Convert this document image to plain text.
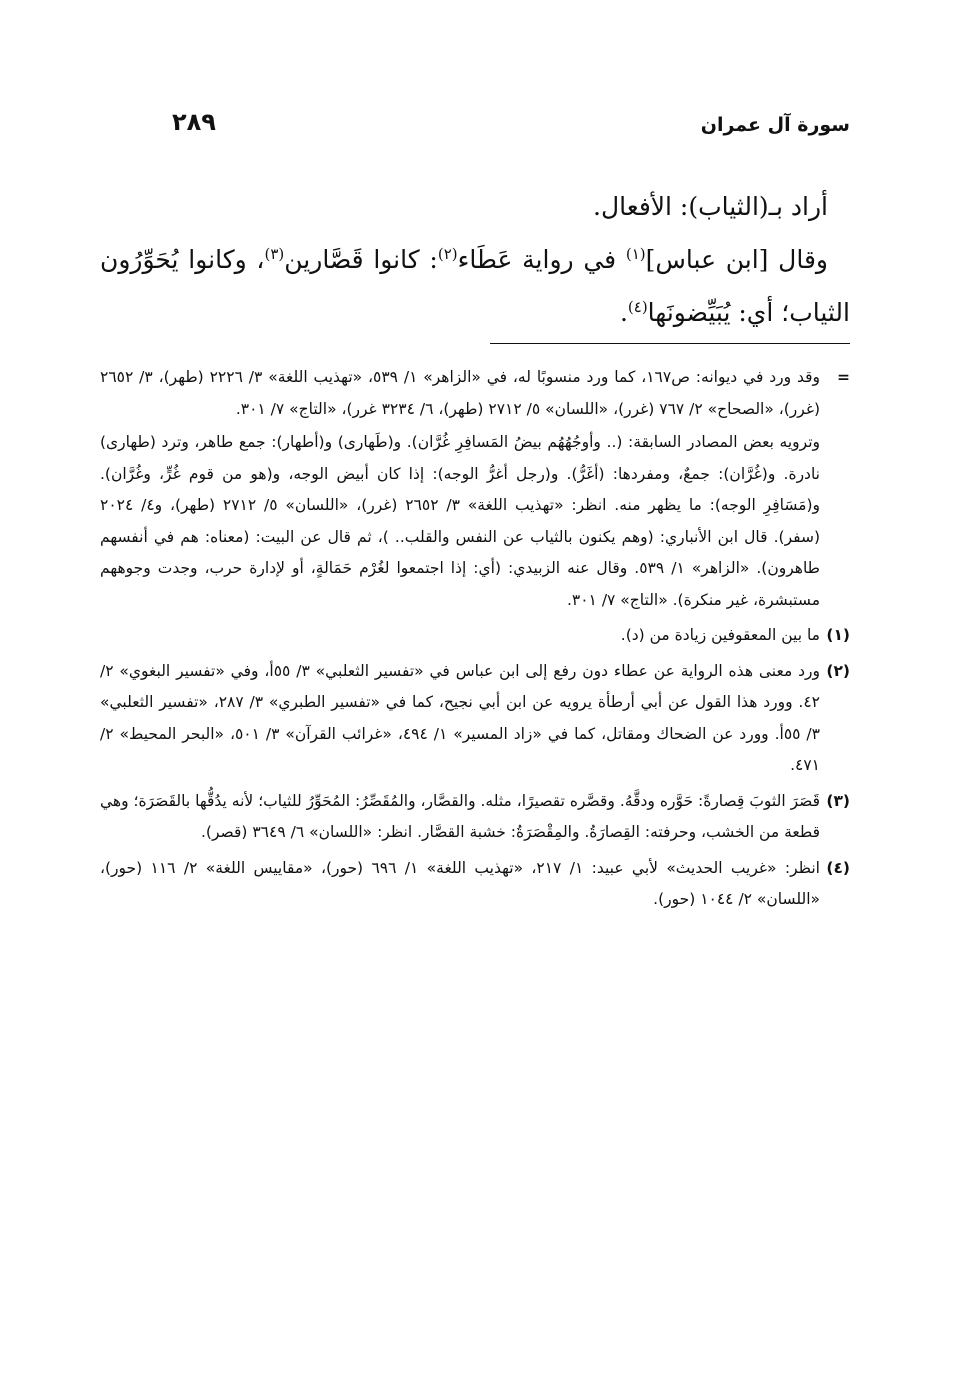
سورة آل عمران
٢٨٩

أراد بـ(الثياب): الأفعال.

وقال [ابن عباس]$^{(١)}$ في رواية عَطَاء$^{(٢)}$: كانوا قَصَّارين$^{(٣)}$، وكانوا يُحَوِّرُون الثياب؛ أي: يُبَيِّضونَها$^{(٤)}$.

=

وقد ورد في ديوانه: ص١٦٧، كما ورد منسوبًا له، في «الزاهر» ١/ ٥٣٩، «تهذيب اللغة» ٣/ ٢٢٢٦ (طهر)، ٣/ ٢٦٥٢ (غرر)، «الصحاح» ٢/ ٧٦٧ (غرر)، «اللسان» ٥/ ٢٧١٢ (طهر)، ٦/ ٣٢٣٤ غرر)، «التاج» ٧/ ٣٠١.

وترويه بعض المصادر السابقة: (.. وأوجُهُهُم بيضُ المَسافِرِ غُرَّان). و(طَهارى) و(أطهار): جمع طاهر، وترد (طهارى) نادرة. و(غُرَّان): جمعٌ، ومفردها: (أغَرُّ). و(رجل أغرُّ الوجه): إذا كان أبيض الوجه، و(هو من قوم غُرٍّ، وغُرَّان). و(مَسَافِرِ الوجه): ما يظهر منه. انظر: «تهذيب اللغة» ٣/ ٢٦٥٢ (غرر)، «اللسان» ٥/ ٢٧١٢ (طهر)، و٤/ ٢٠٢٤ (سفر). قال ابن الأنباري: (وهم يكنون بالثياب عن النفس والقلب.. )، ثم قال عن البيت: (معناه: هم في أنفسهم طاهرون). «الزاهر» ١/ ٥٣٩. وقال عنه الزبيدي: (أي: إذا اجتمعوا لغُرْم حَمَالةٍ، أو لإدارة حرب، وجدت وجوههم مستبشرة، غير منكرة). «التاج» ٧/ ٣٠١.

(١)

ما بين المعقوفين زيادة من (د).

(٢)

ورد معنى هذه الرواية عن عطاء دون رفع إلى ابن عباس في «تفسير الثعلبي» ٣/ ٥٥أ، وفي «تفسير البغوي» ٢/ ٤٢. وورد هذا القول عن أبي أرطأة يرويه عن ابن أبي نجيح، كما في «تفسير الطبري» ٣/ ٢٨٧، «تفسير الثعلبي» ٣/ ٥٥أ. وورد عن الضحاك ومقاتل، كما في «زاد المسير» ١/ ٤٩٤، «غرائب القرآن» ٣/ ٥٠١، «البحر المحيط» ٢/ ٤٧١.

(٣)

قَصَرَ الثوبَ قِصارةً: حَوَّره ودقَّهُ. وقصَّره تقصيرًا، مثله. والقصَّار، والمُقَصِّرُ: المُحَوِّرُ للثياب؛ لأنه يدُقُّها بالقَصَرَة؛ وهي قطعة من الخشب، وحرفته: القِصارَةُ. والمِقْصَرَةُ: خشبة القصَّار. انظر: «اللسان» ٦/ ٣٦٤٩ (قصر).

(٤)

انظر: «غريب الحديث» لأبي عبيد: ١/ ٢١٧، «تهذيب اللغة» ١/ ٦٩٦ (حور)، «مقاييس اللغة» ٢/ ١١٦ (حور)، «اللسان» ٢/ ١٠٤٤ (حور).
